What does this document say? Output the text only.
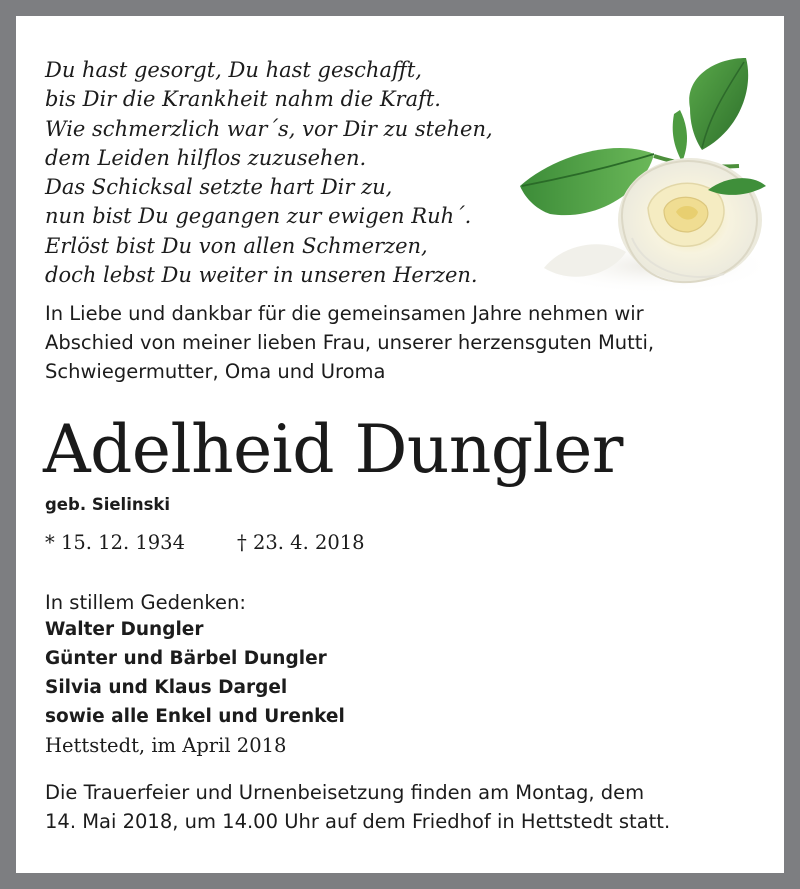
Du hast gesorgt, Du hast geschafft,
bis Dir die Krankheit nahm die Kraft.
Wie schmerzlich war´s, vor Dir zu stehen,
dem Leiden hilflos zuzusehen.
Das Schicksal setzte hart Dir zu,
nun bist Du gegangen zur ewigen Ruh´.
Erlöst bist Du von allen Schmerzen,
doch lebst Du weiter in unseren Herzen.
In Liebe und dankbar für die gemeinsamen Jahre nehmen wir
Abschied von meiner lieben Frau, unserer herzensguten Mutti,
Schwiegermutter, Oma und Uroma
Adelheid Dungler
geb. Sielinski
* 15. 12. 1934	† 23. 4. 2018
In stillem Gedenken:
Walter Dungler
Günter und Bärbel Dungler
Silvia und Klaus Dargel
sowie alle Enkel und Urenkel
Hettstedt, im April 2018
Die Trauerfeier und Urnenbeisetzung finden am Montag, dem
14. Mai 2018, um 14.00 Uhr auf dem Friedhof in Hettstedt statt.
